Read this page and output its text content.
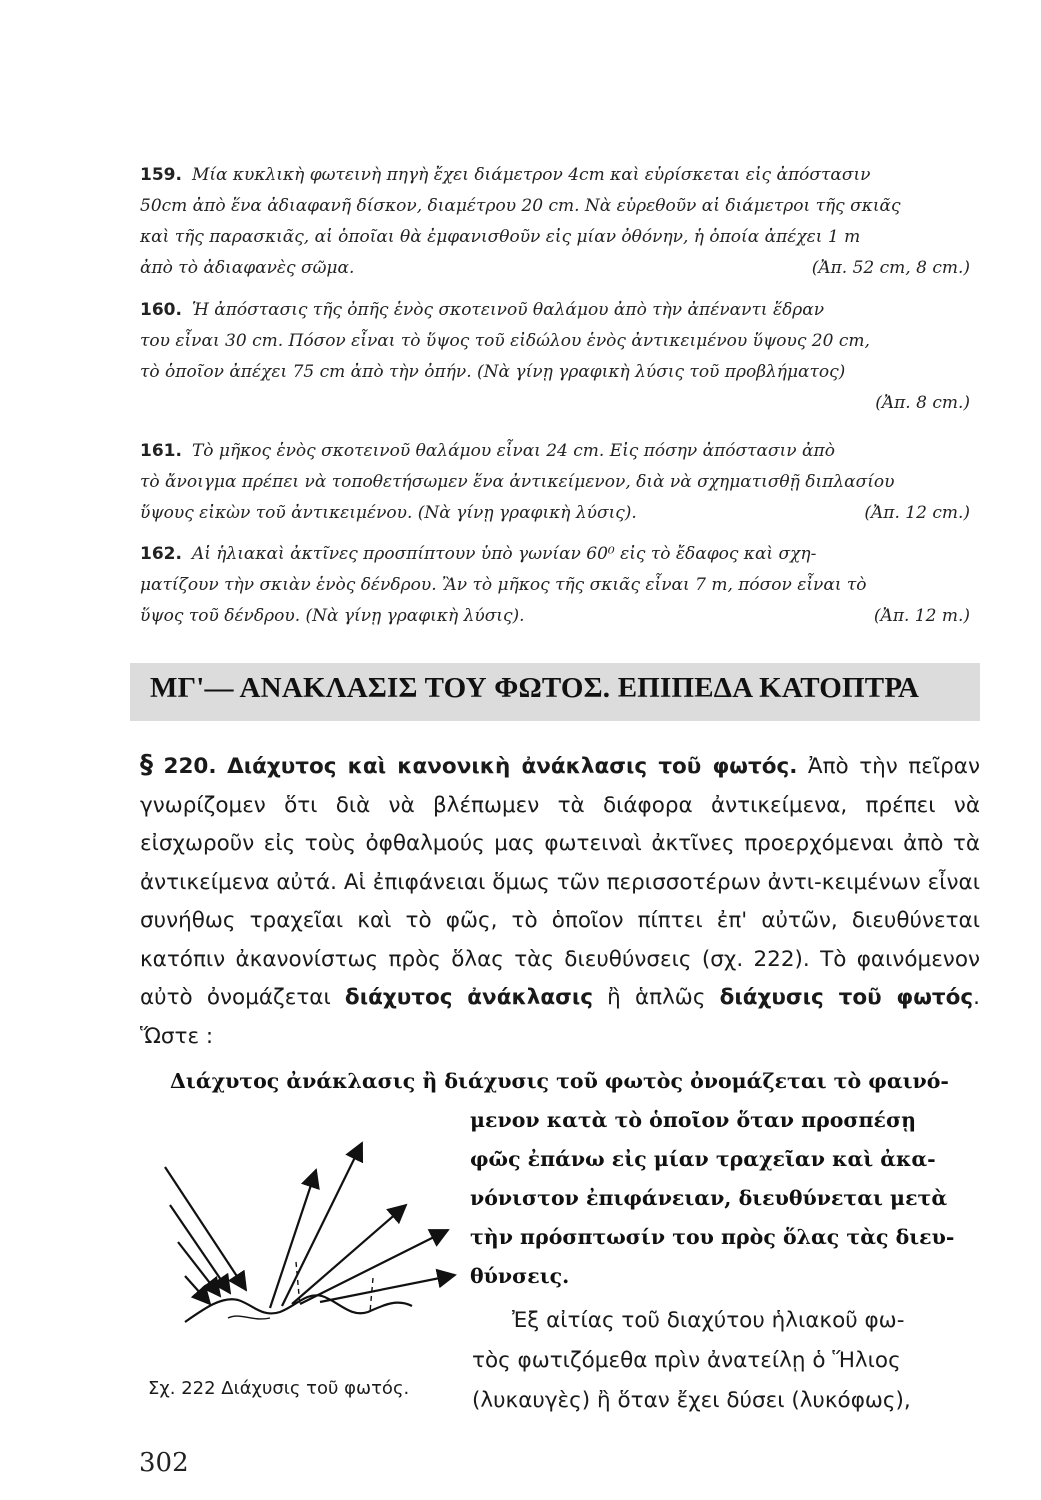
159. Μία κυκλικὴ φωτεινὴ πηγὴ ἔχει διάμετρον 4cm καὶ εὑρίσκεται εἰς ἀπόστασιν
50cm ἀπὸ ἕνα ἀδιαφανῆ δίσκον, διαμέτρου 20 cm. Νὰ εὑρεθοῦν αἱ διάμετροι τῆς σκιᾶς
καὶ τῆς παρασκιᾶς, αἱ ὁποῖαι θὰ ἐμφανισθοῦν εἰς μίαν ὀθόνην, ἡ ὁποία ἀπέχει 1 m
ἀπὸ τὸ ἀδιαφανὲς σῶμα.	(Ἀπ. 52 cm, 8 cm.)
160. Ἡ ἀπόστασις τῆς ὀπῆς ἑνὸς σκοτεινοῦ θαλάμου ἀπὸ τὴν ἀπέναντι ἕδραν
του εἶναι 30 cm. Πόσον εἶναι τὸ ὕψος τοῦ εἰδώλου ἑνὸς ἀντικειμένου ὕψους 20 cm,
τὸ ὁποῖον ἀπέχει 75 cm ἀπὸ τὴν ὀπήν. (Νὰ γίνῃ γραφικὴ λύσις τοῦ προβλήματος)
(Ἀπ. 8 cm.)
161. Τὸ μῆκος ἑνὸς σκοτεινοῦ θαλάμου εἶναι 24 cm. Εἰς πόσην ἀπόστασιν ἀπὸ
τὸ ἄνοιγμα πρέπει νὰ τοποθετήσωμεν ἕνα ἀντικείμενον, διὰ νὰ σχηματισθῇ διπλασίου
ὕψους εἰκὼν τοῦ ἀντικειμένου. (Νὰ γίνῃ γραφικὴ λύσις).	(Ἀπ. 12 cm.)
162. Αἱ ἡλιακαὶ ἀκτῖνες προσπίπτουν ὑπὸ γωνίαν 60⁰ εἰς τὸ ἔδαφος καὶ σχη-
ματίζουν τὴν σκιὰν ἑνὸς δένδρου. Ἂν τὸ μῆκος τῆς σκιᾶς εἶναι 7 m, πόσον εἶναι τὸ
ὕψος τοῦ δένδρου. (Νὰ γίνῃ γραφικὴ λύσις).	(Ἀπ. 12 m.)
ΜΓ'— ΑΝΑΚΛΑΣΙΣ ΤΟΥ ΦΩΤΟΣ. ΕΠΙΠΕΔΑ ΚΑΤΟΠΤΡΑ
§ 220. Διάχυτος καὶ κανονικὴ ἀνάκλασις τοῦ φωτός. Ἀπὸ τὴν πεῖραν γνωρίζομεν ὅτι διὰ νὰ βλέπωμεν τὰ διάφορα ἀντικείμενα, πρέπει νὰ εἰσχωροῦν εἰς τοὺς ὀφθαλμούς μας φωτειναὶ ἀκτῖνες προερχόμεναι ἀπὸ τὰ ἀντικείμενα αὐτά. Αἱ ἐπιφάνειαι ὅμως τῶν περισσοτέρων ἀντι-κειμένων εἶναι συνήθως τραχεῖαι καὶ τὸ φῶς, τὸ ὁποῖον πίπτει ἐπ' αὐτῶν, διευθύνεται κατόπιν ἀκανονίστως πρὸς ὅλας τὰς διευθύνσεις (σχ. 222). Τὸ φαινόμενον αὐτὸ ὀνομάζεται διάχυτος ἀνάκλασις ἢ ἁπλῶς διάχυσις τοῦ φωτός. Ὥστε :
Διάχυτος ἀνάκλασις ἢ διάχυσις τοῦ φωτὸς ὀνομάζεται τὸ φαινό-
μενον κατὰ τὸ ὁποῖον ὅταν προσπέσῃ
φῶς ἐπάνω εἰς μίαν τραχεῖαν καὶ ἀκα-
νόνιστον ἐπιφάνειαν, διευθύνεται μετὰ
τὴν πρόσπτωσίν του πρὸς ὅλας τὰς διευ-
θύνσεις.
Σχ. 222 Διάχυσις τοῦ φωτός.
Ἐξ αἰτίας τοῦ διαχύτου ἡλιακοῦ φω-
τὸς φωτιζόμεθα πρὶν ἀνατείλῃ ὁ Ἥλιος
(λυκαυγὲς) ἢ ὅταν ἔχει δύσει (λυκόφως),
302
